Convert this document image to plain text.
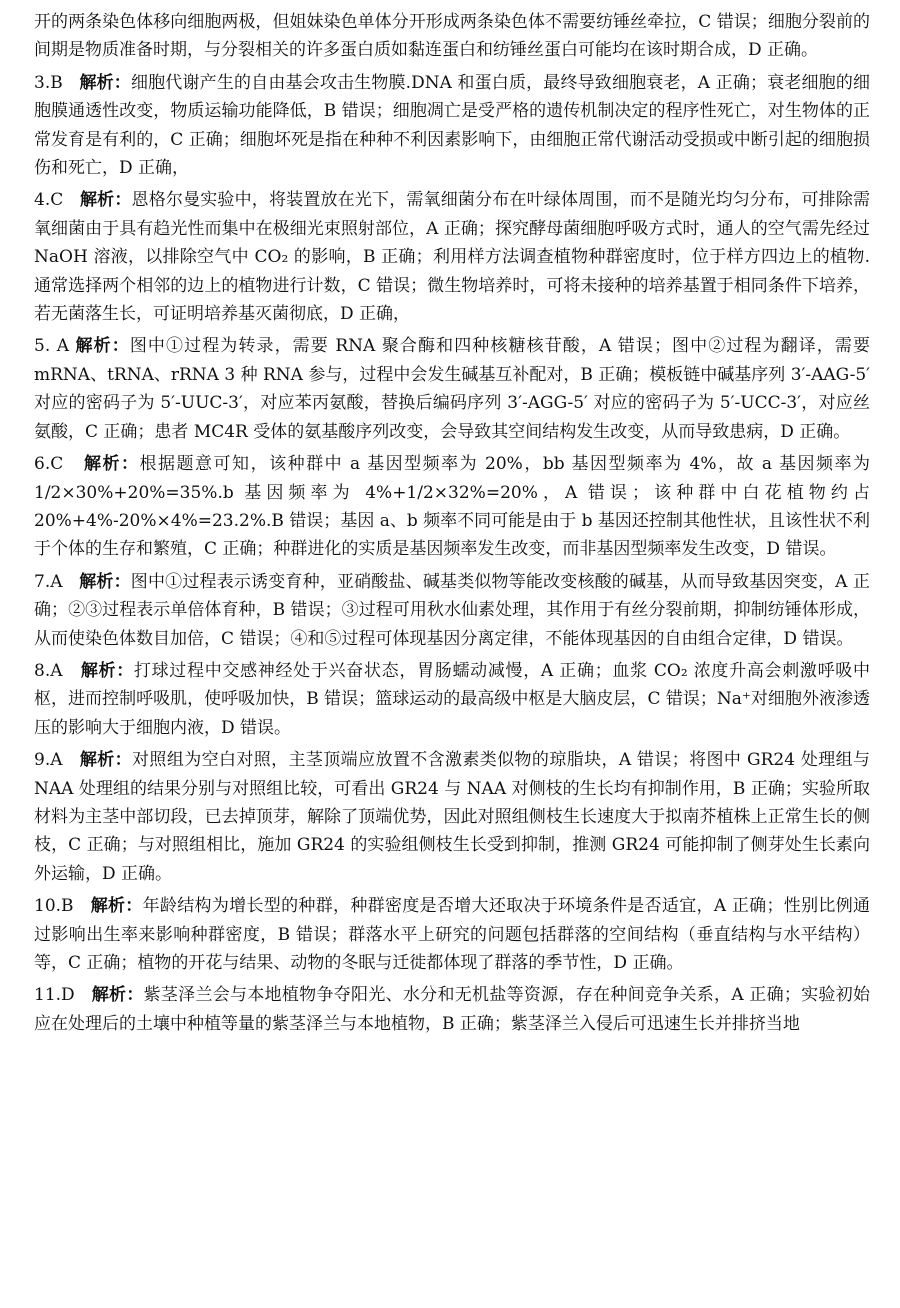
开的两条染色体移向细胞两极，但姐妹染色单体分开形成两条染色体不需要纺锤丝牵拉，C 错误；细胞分裂前的间期是物质准备时期，与分裂相关的许多蛋白质如黏连蛋白和纺锤丝蛋白可能均在该时期合成，D 正确。

3.B 解析：细胞代谢产生的自由基会攻击生物膜.DNA 和蛋白质，最终导致细胞衰老，A 正确；衰老细胞的细胞膜通透性改变，物质运输功能降低，B 错误；细胞凋亡是受严格的遗传机制决定的程序性死亡，对生物体的正常发育是有利的，C 正确；细胞坏死是指在种种不利因素影响下，由细胞正常代谢活动受损或中断引起的细胞损伤和死亡，D 正确，

4.C 解析：恩格尔曼实验中，将装置放在光下，需氧细菌分布在叶绿体周围，而不是随光均匀分布，可排除需氧细菌由于具有趋光性而集中在极细光束照射部位，A 正确；探究酵母菌细胞呼吸方式时，通人的空气需先经过 NaOH 溶液，以排除空气中 CO₂ 的影响，B 正确；利用样方法调查植物种群密度时，位于样方四边上的植物.通常选择两个相邻的边上的植物进行计数，C 错误；微生物培养时，可将未接种的培养基置于相同条件下培养，若无菌落生长，可证明培养基灭菌彻底，D 正确，

5. A 解析：图中①过程为转录，需要 RNA 聚合酶和四种核糖核苷酸，A 错误；图中②过程为翻译，需要 mRNA、tRNA、rRNA 3 种 RNA 参与，过程中会发生碱基互补配对，B 正确；模板链中碱基序列 3′-AAG-5′ 对应的密码子为 5′-UUC-3′，对应苯丙氨酸，替换后编码序列 3′-AGG-5′ 对应的密码子为 5′-UCC-3′，对应丝氨酸，C 正确；患者 MC4R 受体的氨基酸序列改变，会导致其空间结构发生改变，从而导致患病，D 正确。

6.C 解析：根据题意可知，该种群中 a 基因型频率为 20%，bb 基因型频率为 4%，故 a 基因频率为 1/2×30%+20%=35%.b 基因频率为 4%+1/2×32%=20%，A 错误；该种群中白花植物约占 20%+4%-20%×4%=23.2%.B 错误；基因 a、b 频率不同可能是由于 b 基因还控制其他性状，且该性状不利于个体的生存和繁殖，C 正确；种群进化的实质是基因频率发生改变，而非基因型频率发生改变，D 错误。

7.A 解析：图中①过程表示诱变育种，亚硝酸盐、碱基类似物等能改变核酸的碱基，从而导致基因突变，A 正确；②③过程表示单倍体育种，B 错误；③过程可用秋水仙素处理，其作用于有丝分裂前期，抑制纺锤体形成，从而使染色体数目加倍，C 错误；④和⑤过程可体现基因分离定律，不能体现基因的自由组合定律，D 错误。

8.A 解析：打球过程中交感神经处于兴奋状态，胃肠蠕动减慢，A 正确；血浆 CO₂ 浓度升高会刺激呼吸中枢，进而控制呼吸肌，使呼吸加快，B 错误；篮球运动的最高级中枢是大脑皮层，C 错误；Na⁺对细胞外液渗透压的影响大于细胞内液，D 错误。

9.A 解析：对照组为空白对照，主茎顶端应放置不含激素类似物的琼脂块，A 错误；将图中 GR24 处理组与 NAA 处理组的结果分别与对照组比较，可看出 GR24 与 NAA 对侧枝的生长均有抑制作用，B 正确；实验所取材料为主茎中部切段，已去掉顶芽，解除了顶端优势，因此对照组侧枝生长速度大于拟南芥植株上正常生长的侧枝，C 正确；与对照组相比，施加 GR24 的实验组侧枝生长受到抑制，推测 GR24 可能抑制了侧芽处生长素向外运输，D 正确。

10.B 解析：年龄结构为增长型的种群，种群密度是否增大还取决于环境条件是否适宜，A 正确；性别比例通过影响出生率来影响种群密度，B 错误；群落水平上研究的问题包括群落的空间结构（垂直结构与水平结构）等，C 正确；植物的开花与结果、动物的冬眠与迁徙都体现了群落的季节性，D 正确。

11.D 解析：紫茎泽兰会与本地植物争夺阳光、水分和无机盐等资源，存在种间竞争关系，A 正确；实验初始应在处理后的土壤中种植等量的紫茎泽兰与本地植物，B 正确；紫茎泽兰入侵后可迅速生长并排挤当地
